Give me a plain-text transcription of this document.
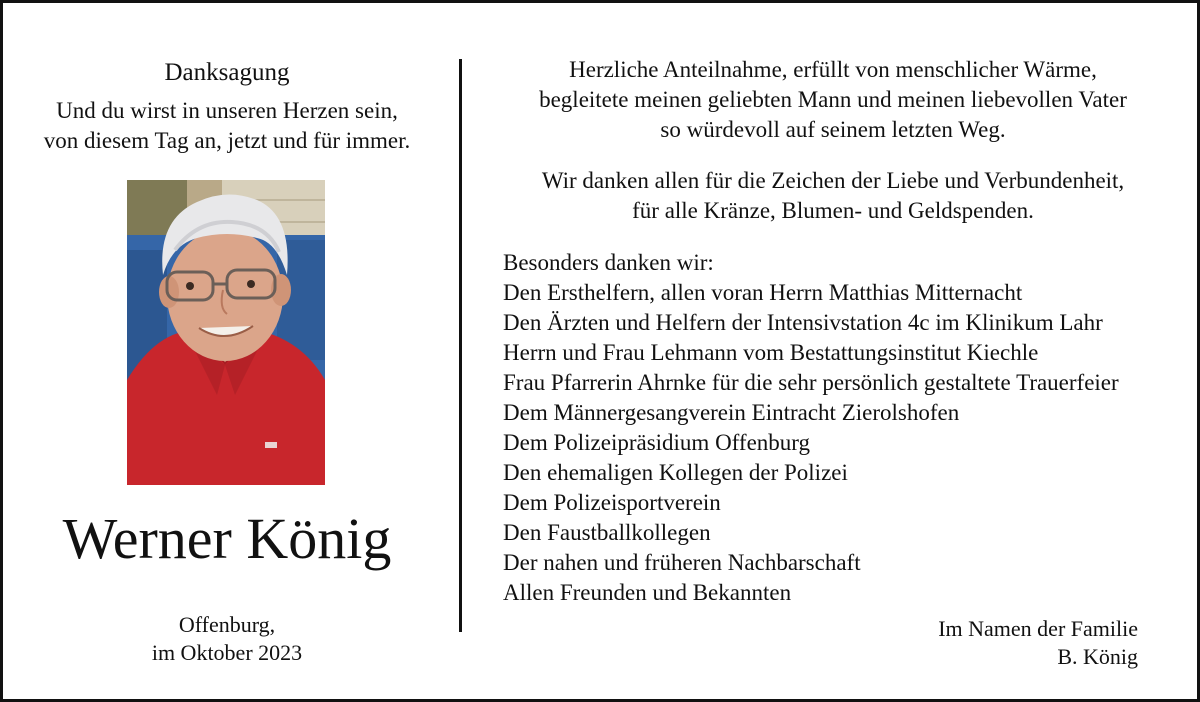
Danksagung
Und du wirst in unseren Herzen sein,
von diesem Tag an, jetzt und für immer.
Werner König
Offenburg,
im Oktober 2023
Herzliche Anteilnahme, erfüllt von menschlicher Wärme,
begleitete meinen geliebten Mann und meinen liebevollen Vater
so würdevoll auf seinem letzten Weg.
Wir danken allen für die Zeichen der Liebe und Verbundenheit,
für alle Kränze, Blumen- und Geldspenden.
Besonders danken wir:
Den Ersthelfern, allen voran Herrn Matthias Mitternacht
Den Ärzten und Helfern der Intensivstation 4c im Klinikum Lahr
Herrn und Frau Lehmann vom Bestattungsinstitut Kiechle
Frau Pfarrerin Ahrnke für die sehr persönlich gestaltete Trauerfeier
Dem Männergesangverein Eintracht Zierolshofen
Dem Polizeipräsidium Offenburg
Den ehemaligen Kollegen der Polizei
Dem Polizeisportverein
Den Faustballkollegen
Der nahen und früheren Nachbarschaft
Allen Freunden und Bekannten
Im Namen der Familie
B. König
